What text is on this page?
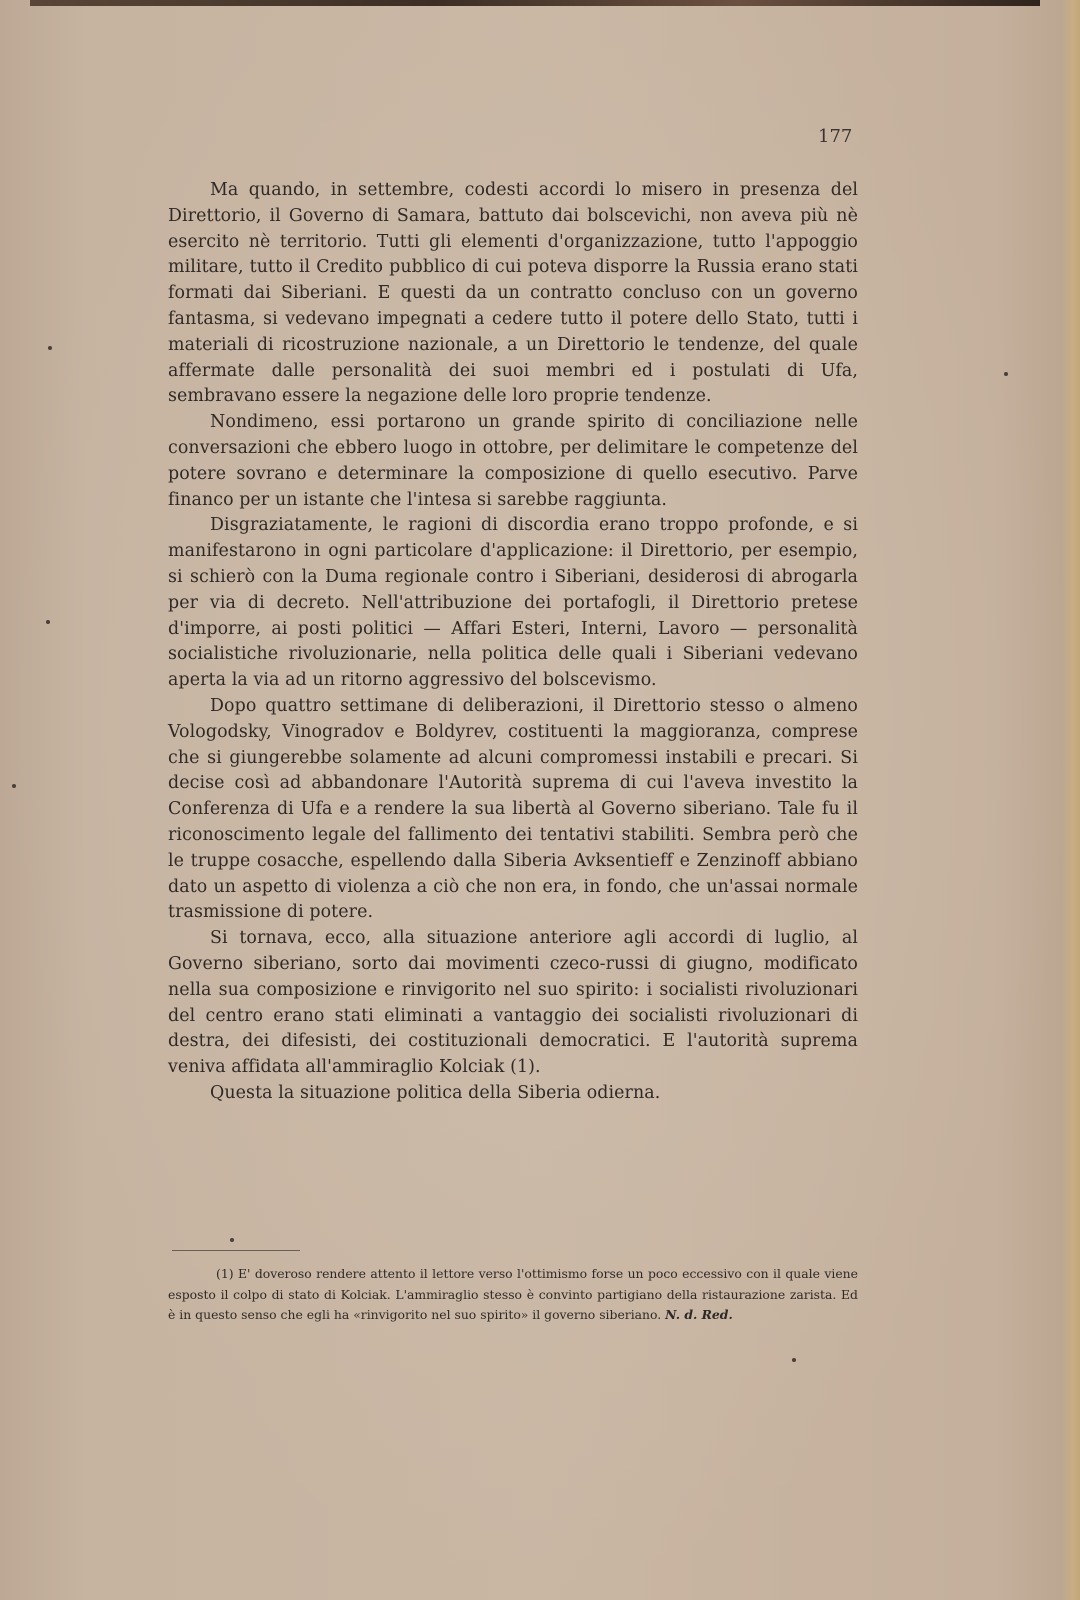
177

Ma quando, in settembre, codesti accordi lo misero in presenza del Direttorio, il Governo di Samara, battuto dai bolscevichi, non aveva più nè esercito nè territorio. Tutti gli elementi d'organizzazione, tutto l'appoggio militare, tutto il Credito pubblico di cui poteva disporre la Russia erano stati formati dai Siberiani. E questi da un contratto concluso con un governo fantasma, si vedevano impegnati a cedere tutto il potere dello Stato, tutti i materiali di ricostruzione nazionale, a un Direttorio le tendenze, del quale affermate dalle personalità dei suoi membri ed i postulati di Ufa, sembravano essere la negazione delle loro proprie tendenze.

Nondimeno, essi portarono un grande spirito di conciliazione nelle conversazioni che ebbero luogo in ottobre, per delimitare le competenze del potere sovrano e determinare la composizione di quello esecutivo. Parve financo per un istante che l'intesa si sarebbe raggiunta.

Disgraziatamente, le ragioni di discordia erano troppo profonde, e si manifestarono in ogni particolare d'applicazione: il Direttorio, per esempio, si schierò con la Duma regionale contro i Siberiani, desiderosi di abrogarla per via di decreto. Nell'attribuzione dei portafogli, il Direttorio pretese d'imporre, ai posti politici — Affari Esteri, Interni, Lavoro — personalità socialistiche rivoluzionarie, nella politica delle quali i Siberiani vedevano aperta la via ad un ritorno aggressivo del bolscevismo.

Dopo quattro settimane di deliberazioni, il Direttorio stesso o almeno Vologodsky, Vinogradov e Boldyrev, costituenti la maggioranza, comprese che si giungerebbe solamente ad alcuni compromessi instabili e precari. Si decise così ad abbandonare l'Autorità suprema di cui l'aveva investito la Conferenza di Ufa e a rendere la sua libertà al Governo siberiano. Tale fu il riconoscimento legale del fallimento dei tentativi stabiliti. Sembra però che le truppe cosacche, espellendo dalla Siberia Avksentieff e Zenzinoff abbiano dato un aspetto di violenza a ciò che non era, in fondo, che un'assai normale trasmissione di potere.

Si tornava, ecco, alla situazione anteriore agli accordi di luglio, al Governo siberiano, sorto dai movimenti czeco-russi di giugno, modificato nella sua composizione e rinvigorito nel suo spirito: i socialisti rivoluzionari del centro erano stati eliminati a vantaggio dei socialisti rivoluzionari di destra, dei difesisti, dei costituzionali democratici. E l'autorità suprema veniva affidata all'ammiraglio Kolciak (1).

Questa la situazione politica della Siberia odierna.

(1) E' doveroso rendere attento il lettore verso l'ottimismo forse un poco eccessivo con il quale viene esposto il colpo di stato di Kolciak. L'ammiraglio stesso è convinto partigiano della ristaurazione zarista. Ed è in questo senso che egli ha «rinvigorito nel suo spirito» il governo siberiano. N. d. Red.
